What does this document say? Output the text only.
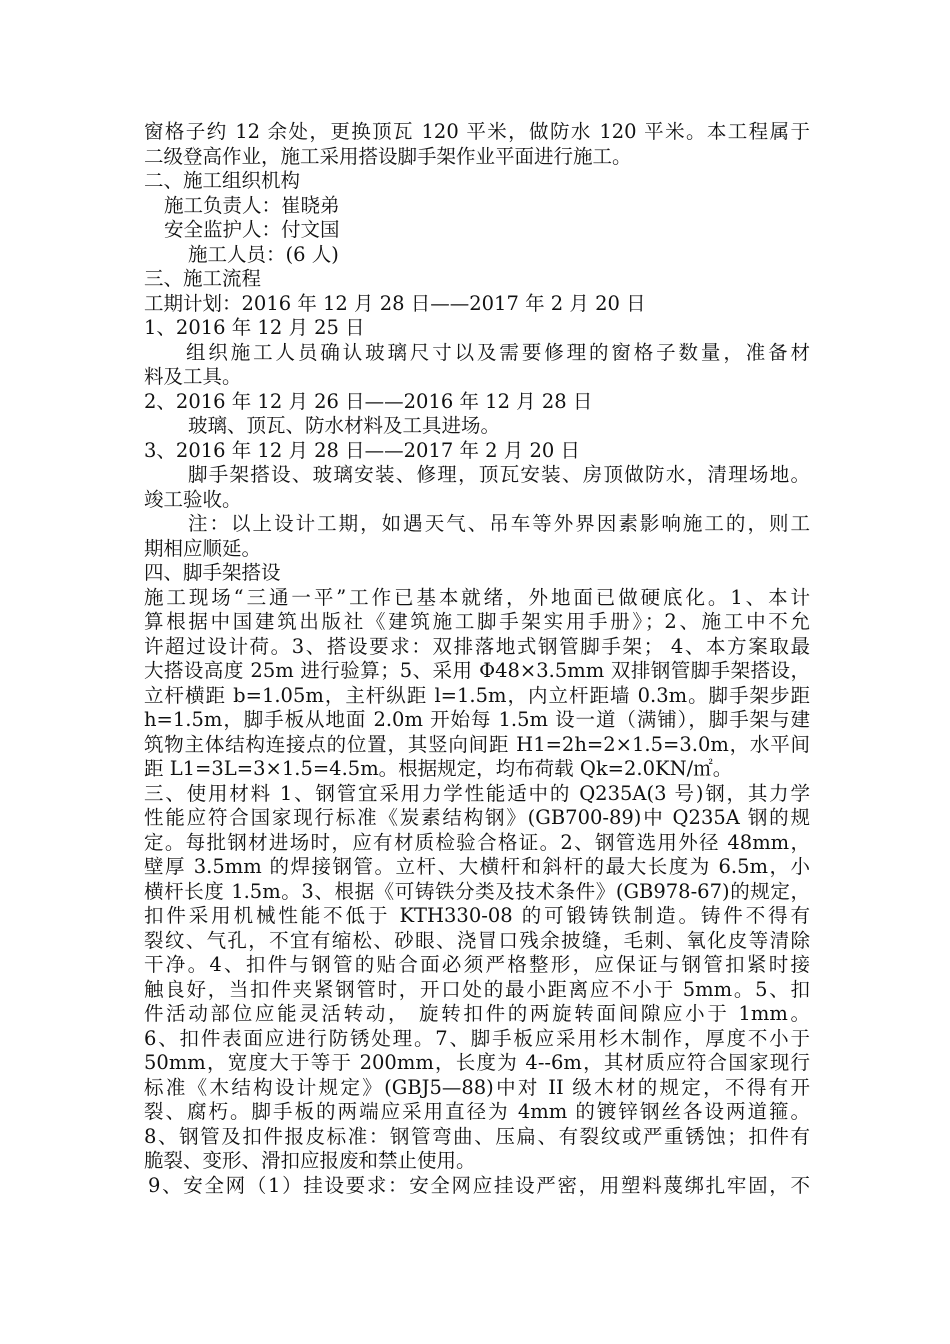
窗格子约 12 余处，更换顶瓦 120 平米，做防水 120 平米。本工程属于
二级登高作业，施工采用搭设脚手架作业平面进行施工。
二、施工组织机构
施工负责人：崔晓弟
安全监护人：付文国
施工人员：(6 人)
三、施工流程
工期计划：2016 年 12 月 28 日——2017 年 2 月 20 日
1、2016 年 12 月 25 日
组织施工人员确认玻璃尺寸以及需要修理的窗格子数量，准备材
料及工具。
2、2016 年 12 月 26 日——2016 年 12 月 28 日
玻璃、顶瓦、防水材料及工具进场。
3、2016 年 12 月 28 日——2017 年 2 月 20 日
脚手架搭设、玻璃安装、修理，顶瓦安装、房顶做防水，清理场地。
竣工验收。
注：以上设计工期，如遇天气、吊车等外界因素影响施工的，则工
期相应顺延。
四、脚手架搭设
施工现场“三通一平”工作已基本就绪，外地面已做硬底化。1、本计
算根据中国建筑出版社《建筑施工脚手架实用手册》；2、施工中不允
许超过设计荷。3、搭设要求：双排落地式钢管脚手架； 4、本方案取最
大搭设高度 25m 进行验算；5、采用 Φ48×3.5mm 双排钢管脚手架搭设，
立杆横距 b=1.05m，主杆纵距 l=1.5m，内立杆距墙 0.3m。脚手架步距
h=1.5m，脚手板从地面 2.0m 开始每 1.5m 设一道（满铺），脚手架与建
筑物主体结构连接点的位置，其竖向间距 H1=2h=2×1.5=3.0m，水平间
距 L1=3L=3×1.5=4.5m。根据规定，均布荷载 Qk=2.0KN/㎡。
三、使用材料 1、钢管宜采用力学性能适中的 Q235A(3 号)钢，其力学
性能应符合国家现行标准《炭素结构钢》(GB700-89)中 Q235A 钢的规
定。每批钢材进场时，应有材质检验合格证。2、钢管选用外径 48mm，
壁厚 3.5mm 的焊接钢管。立杆、大横杆和斜杆的最大长度为 6.5m，小
横杆长度 1.5m。3、根据《可铸铁分类及技术条件》(GB978-67)的规定，
扣件采用机械性能不低于 KTH330-08 的可锻铸铁制造。铸件不得有
裂纹、气孔，不宜有缩松、砂眼、浇冒口残余披缝，毛刺、氧化皮等清除
干净。4、扣件与钢管的贴合面必须严格整形，应保证与钢管扣紧时接
触良好，当扣件夹紧钢管时，开口处的最小距离应不小于 5mm。5、扣
件活动部位应能灵活转动， 旋转扣件的两旋转面间隙应小于 1mm。
6、扣件表面应进行防锈处理。7、脚手板应采用杉木制作，厚度不小于
50mm，宽度大于等于 200mm，长度为 4--6m，其材质应符合国家现行
标准《木结构设计规定》(GBJ5—88)中对 II 级木材的规定，不得有开
裂、腐朽。脚手板的两端应采用直径为 4mm 的镀锌钢丝各设两道箍。
8、钢管及扣件报皮标准：钢管弯曲、压扁、有裂纹或严重锈蚀；扣件有
脆裂、变形、滑扣应报废和禁止使用。
9、安全网（1）挂设要求：安全网应挂设严密，用塑料蔑绑扎牢固，不
